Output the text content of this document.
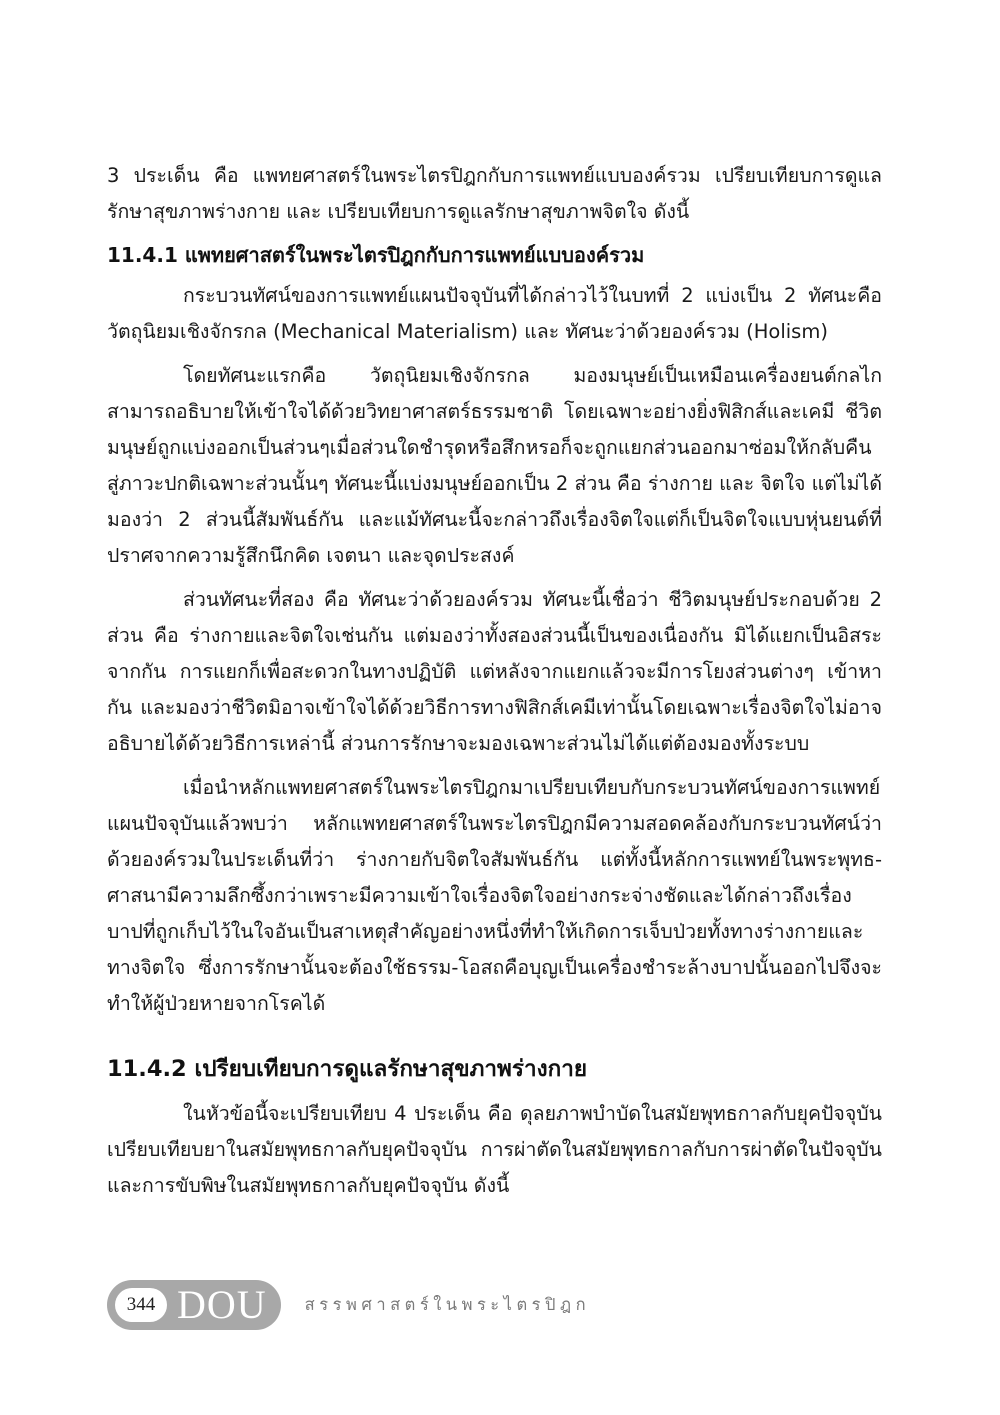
3 ประเด็น คือ แพทยศาสตร์ในพระไตรปิฎกกับการแพทย์แบบองค์รวม เปรียบเทียบการดูแลรักษาสุขภาพร่างกาย และ เปรียบเทียบการดูแลรักษาสุขภาพจิตใจ ดังนี้

11.4.1 แพทยศาสตร์ในพระไตรปิฎกกับการแพทย์แบบองค์รวม

กระบวนทัศน์ของการแพทย์แผนปัจจุบันที่ได้กล่าวไว้ในบทที่ 2 แบ่งเป็น 2 ทัศนะคือ วัตถุนิยมเชิงจักรกล (Mechanical Materialism) และ ทัศนะว่าด้วยองค์รวม (Holism)

โดยทัศนะแรกคือ วัตถุนิยมเชิงจักรกล มองมนุษย์เป็นเหมือนเครื่องยนต์กลไก สามารถอธิบายให้เข้าใจได้ด้วยวิทยาศาสตร์ธรรมชาติ โดยเฉพาะอย่างยิ่งฟิสิกส์และเคมี ชีวิตมนุษย์ถูกแบ่งออกเป็นส่วนๆเมื่อส่วนใดชำรุดหรือสึกหรอก็จะถูกแยกส่วนออกมาซ่อมให้กลับคืนสู่ภาวะปกติเฉพาะส่วนนั้นๆ ทัศนะนี้แบ่งมนุษย์ออกเป็น 2 ส่วน คือ ร่างกาย และ จิตใจ แต่ไม่ได้มองว่า 2 ส่วนนี้สัมพันธ์กัน และแม้ทัศนะนี้จะกล่าวถึงเรื่องจิตใจแต่ก็เป็นจิตใจแบบหุ่นยนต์ที่ปราศจากความรู้สึกนึกคิด เจตนา และจุดประสงค์

ส่วนทัศนะที่สอง คือ ทัศนะว่าด้วยองค์รวม ทัศนะนี้เชื่อว่า ชีวิตมนุษย์ประกอบด้วย 2 ส่วน คือ ร่างกายและจิตใจเช่นกัน แต่มองว่าทั้งสองส่วนนี้เป็นของเนื่องกัน มิได้แยกเป็นอิสระจากกัน การแยกก็เพื่อสะดวกในทางปฏิบัติ แต่หลังจากแยกแล้วจะมีการโยงส่วนต่างๆ เข้าหากัน และมองว่าชีวิตมิอาจเข้าใจได้ด้วยวิธีการทางฟิสิกส์เคมีเท่านั้นโดยเฉพาะเรื่องจิตใจไม่อาจอธิบายได้ด้วยวิธีการเหล่านี้ ส่วนการรักษาจะมองเฉพาะส่วนไม่ได้แต่ต้องมองทั้งระบบ

เมื่อนำหลักแพทยศาสตร์ในพระไตรปิฎกมาเปรียบเทียบกับกระบวนทัศน์ของการแพทย์แผนปัจจุบันแล้วพบว่า หลักแพทยศาสตร์ในพระไตรปิฎกมีความสอดคล้องกับกระบวนทัศน์ว่าด้วยองค์รวมในประเด็นที่ว่า ร่างกายกับจิตใจสัมพันธ์กัน แต่ทั้งนี้หลักการแพทย์ในพระพุทธ-ศาสนามีความลึกซึ้งกว่าเพราะมีความเข้าใจเรื่องจิตใจอย่างกระจ่างชัดและได้กล่าวถึงเรื่องบาปที่ถูกเก็บไว้ในใจอันเป็นสาเหตุสำคัญอย่างหนึ่งที่ทำให้เกิดการเจ็บป่วยทั้งทางร่างกายและทางจิตใจ ซึ่งการรักษานั้นจะต้องใช้ธรรม-โอสถคือบุญเป็นเครื่องชำระล้างบาปนั้นออกไปจึงจะทำให้ผู้ป่วยหายจากโรคได้

11.4.2 เปรียบเทียบการดูแลรักษาสุขภาพร่างกาย

ในหัวข้อนี้จะเปรียบเทียบ 4 ประเด็น คือ ดุลยภาพบำบัดในสมัยพุทธกาลกับยุคปัจจุบัน เปรียบเทียบยาในสมัยพุทธกาลกับยุคปัจจุบัน การผ่าตัดในสมัยพุทธกาลกับการผ่าตัดในปัจจุบัน และการขับพิษในสมัยพุทธกาลกับยุคปัจจุบัน ดังนี้

344 DOU สรรพศาสตร์ในพระไตรปิฎก
